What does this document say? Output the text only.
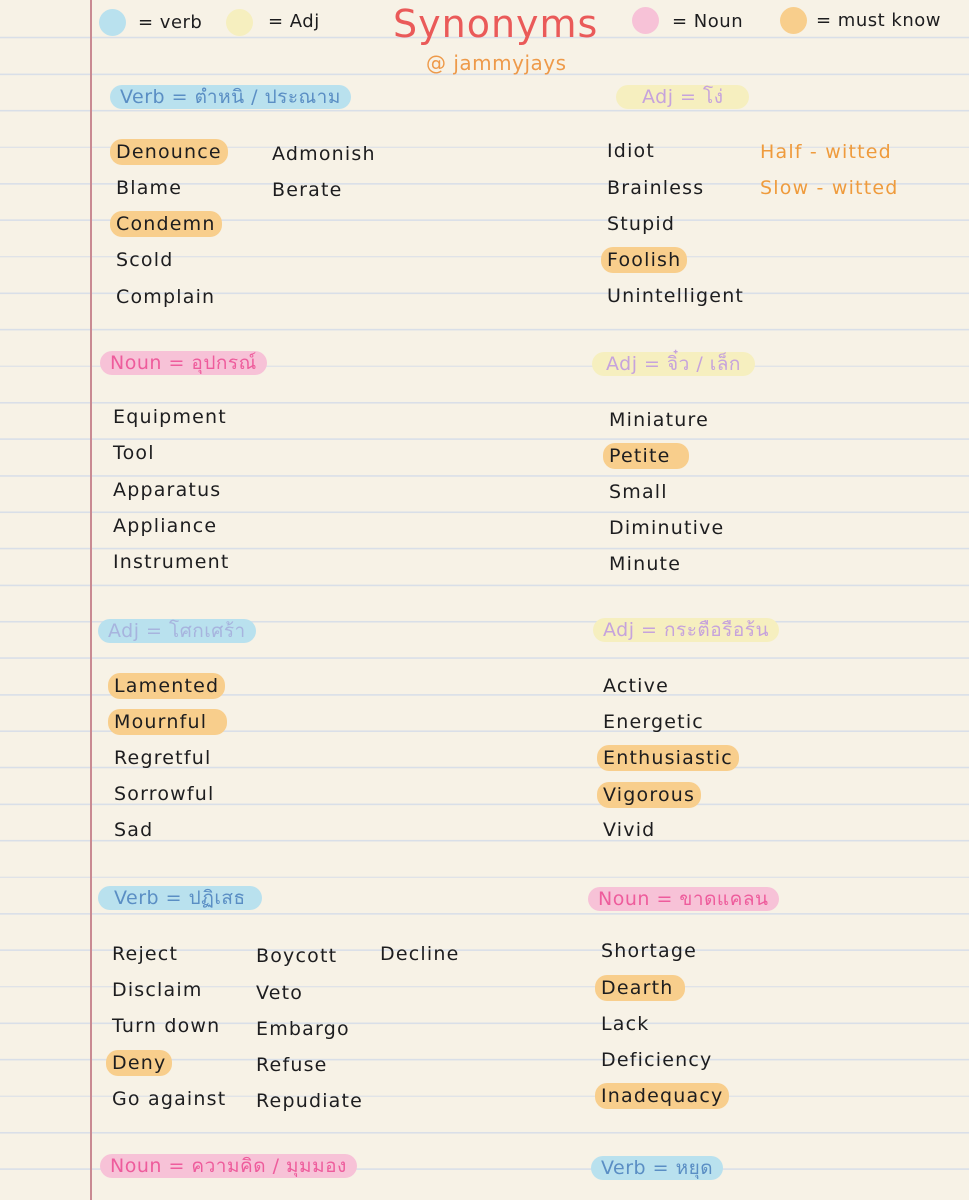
= verb	= Adj	= Noun	= must know
Synonyms
@ jammyjays
Verb = ตำหนิ / ประณาม
Denounce
Blame
Condemn
Scold
Complain
Admonish
Berate
Adj = โง่
Idiot
Brainless
Stupid
Foolish
Unintelligent
Half - witted
Slow - witted
Noun = อุปกรณ์
Equipment
Tool
Apparatus
Appliance
Instrument
Adj = จิ๋ว / เล็ก
Miniature
Petite
Small
Diminutive
Minute
Adj = โศกเศร้า
Lamented
Mournful
Regretful
Sorrowful
Sad
Adj = กระตือรือร้น
Active
Energetic
Enthusiastic
Vigorous
Vivid
Verb = ปฏิเสธ
Reject
Disclaim
Turn down
Deny
Go against
Boycott
Veto
Embargo
Refuse
Repudiate
Decline
Noun = ขาดแคลน
Shortage
Dearth
Lack
Deficiency
Inadequacy
Noun = ความคิด / มุมมอง	Verb = หยุด
